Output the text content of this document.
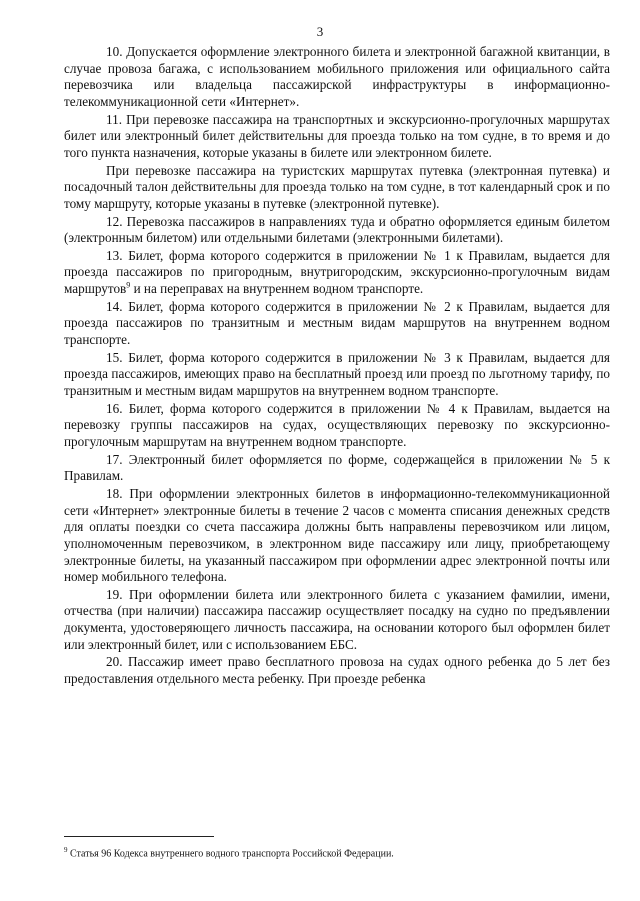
3

10. Допускается оформление электронного билета и электронной багажной квитанции, в случае провоза багажа, с использованием мобильного приложения или официального сайта перевозчика или владельца пассажирской инфраструктуры в информационно-телекоммуникационной сети «Интернет».

11. При перевозке пассажира на транспортных и экскурсионно-прогулочных маршрутах билет или электронный билет действительны для проезда только на том судне, в то время и до того пункта назначения, которые указаны в билете или электронном билете.

При перевозке пассажира на туристских маршрутах путевка (электронная путевка) и посадочный талон действительны для проезда только на том судне, в тот календарный срок и по тому маршруту, которые указаны в путевке (электронной путевке).

12. Перевозка пассажиров в направлениях туда и обратно оформляется единым билетом (электронным билетом) или отдельными билетами (электронными билетами).

13. Билет, форма которого содержится в приложении № 1 к Правилам, выдается для проезда пассажиров по пригородным, внутригородским, экскурсионно-прогулочным видам маршрутов$^9$ и на переправах на внутреннем водном транспорте.

14. Билет, форма которого содержится в приложении № 2 к Правилам, выдается для проезда пассажиров по транзитным и местным видам маршрутов на внутреннем водном транспорте.

15. Билет, форма которого содержится в приложении № 3 к Правилам, выдается для проезда пассажиров, имеющих право на бесплатный проезд или проезд по льготному тарифу, по транзитным и местным видам маршрутов на внутреннем водном транспорте.

16. Билет, форма которого содержится в приложении № 4 к Правилам, выдается на перевозку группы пассажиров на судах, осуществляющих перевозку по экскурсионно-прогулочным маршрутам на внутреннем водном транспорте.

17. Электронный билет оформляется по форме, содержащейся в приложении № 5 к Правилам.

18. При оформлении электронных билетов в информационно-телекоммуникационной сети «Интернет» электронные билеты в течение 2 часов с момента списания денежных средств для оплаты поездки со счета пассажира должны быть направлены перевозчиком или лицом, уполномоченным перевозчиком, в электронном виде пассажиру или лицу, приобретающему электронные билеты, на указанный пассажиром при оформлении адрес электронной почты или номер мобильного телефона.

19. При оформлении билета или электронного билета с указанием фамилии, имени, отчества (при наличии) пассажира пассажир осуществляет посадку на судно по предъявлении документа, удостоверяющего личность пассажира, на основании которого был оформлен билет или электронный билет, или с использованием ЕБС.

20. Пассажир имеет право бесплатного провоза на судах одного ребенка до 5 лет без предоставления отдельного места ребенку. При проезде ребенка

$^9$ Статья 96 Кодекса внутреннего водного транспорта Российской Федерации.
